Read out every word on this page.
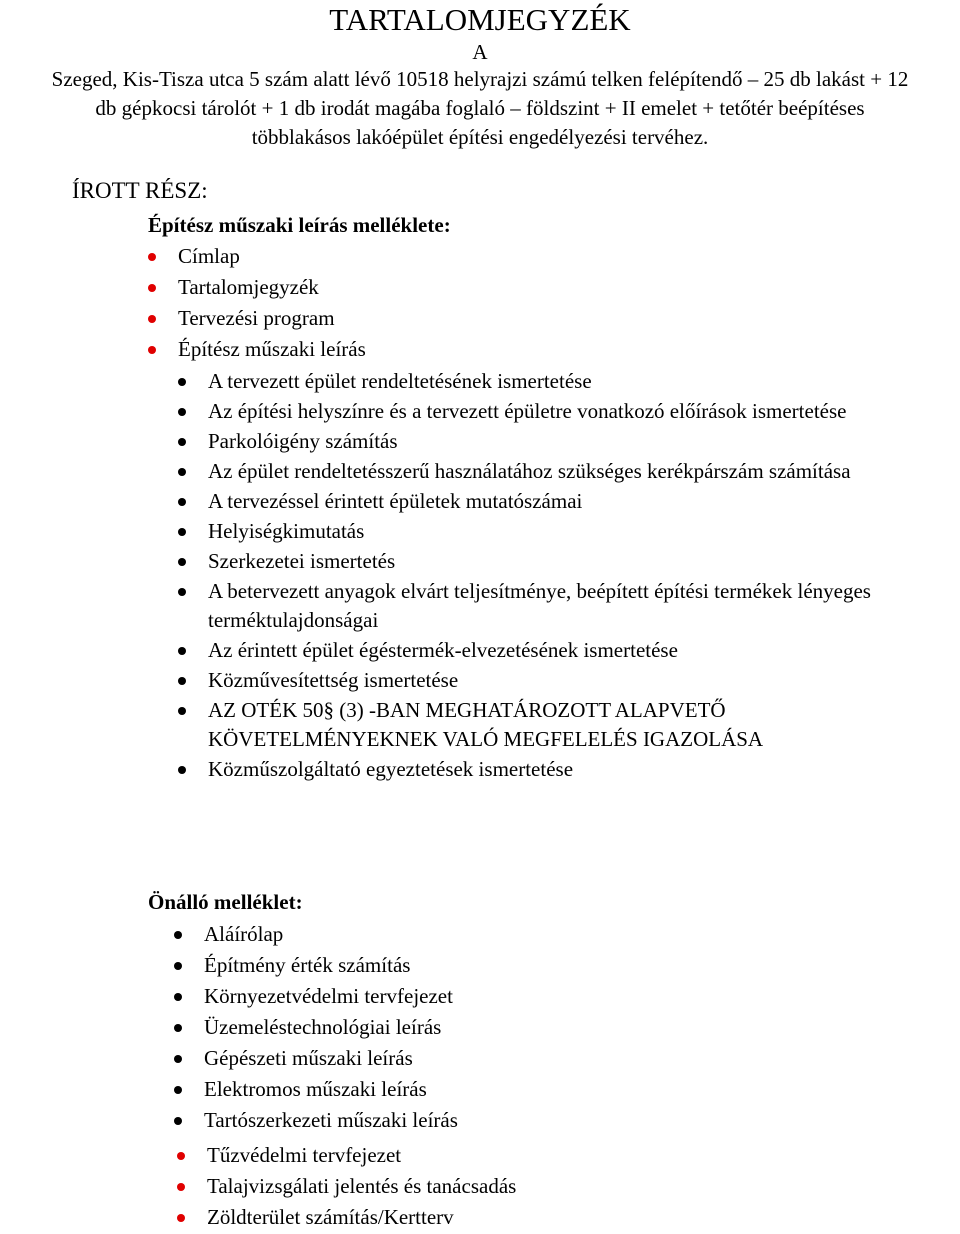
TARTALOMJEGYZÉK
A
Szeged, Kis-Tisza utca 5 szám alatt lévő 10518 helyrajzi számú telken felépítendő – 25 db lakást + 12
db gépkocsi tárolót + 1 db irodát magába foglaló – földszint + II emelet + tetőtér beépítéses
többlakásos lakóépület építési engedélyezési tervéhez.
ÍROTT RÉSZ:
Építész műszaki leírás melléklete:
Címlap
Tartalomjegyzék
Tervezési program
Építész műszaki leírás
A tervezett épület rendeltetésének ismertetése
Az építési helyszínre és a tervezett épületre vonatkozó előírások ismertetése
Parkolóigény számítás
Az épület rendeltetésszerű használatához szükséges kerékpárszám számítása
A tervezéssel érintett épületek mutatószámai
Helyiségkimutatás
Szerkezetei ismertetés
A betervezett anyagok elvárt teljesítménye, beépített építési termékek lényeges terméktulajdonságai
Az érintett épület égéstermék-elvezetésének ismertetése
Közművesítettség ismertetése
AZ OTÉK 50§ (3) -BAN MEGHATÁROZOTT ALAPVETŐ KÖVETELMÉNYEKNEK VALÓ MEGFELELÉS IGAZOLÁSA
Közműszolgáltató egyeztetések ismertetése
Önálló melléklet:
Aláírólap
Építmény érték számítás
Környezetvédelmi tervfejezet
Üzemeléstechnológiai leírás
Gépészeti műszaki leírás
Elektromos műszaki leírás
Tartószerkezeti műszaki leírás
Tűzvédelmi tervfejezet
Talajvizsgálati jelentés és tanácsadás
Zöldterület számítás/Kertterv
